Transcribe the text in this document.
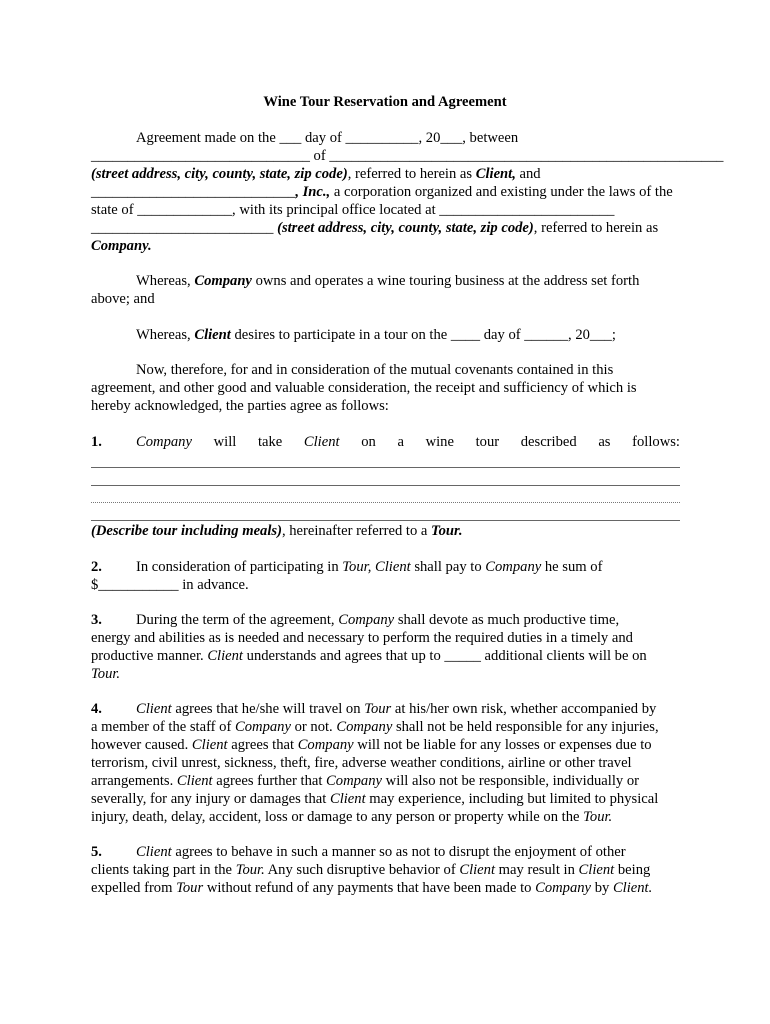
Wine Tour Reservation and Agreement
Agreement made on the ___ day of __________, 20___, between
______________________________ of ______________________________________________________
(street address, city, county, state, zip code), referred to herein as Client, and
____________________________, Inc., a corporation organized and existing under the laws of the
state of _____________, with its principal office located at ________________________
_________________________ (street address, city, county, state, zip code), referred to herein as
Company.
Whereas, Company owns and operates a wine touring business at the address set forth
above; and
Whereas, Client desires to participate in a tour on the ____ day of ______, 20___;
Now, therefore, for and in consideration of the mutual covenants contained in this
agreement, and other good and valuable consideration, the receipt and sufficiency of which is
hereby acknowledged, the parties agree as follows:
1. Company will take Client on a wine tour described as follows:
(Describe tour including meals), hereinafter referred to a Tour.
2. In consideration of participating in Tour, Client shall pay to Company he sum of
$___________ in advance.
3. During the term of the agreement, Company shall devote as much productive time,
energy and abilities as is needed and necessary to perform the required duties in a timely and
productive manner. Client understands and agrees that up to _____ additional clients will be on
Tour.
4. Client agrees that he/she will travel on Tour at his/her own risk, whether accompanied by
a member of the staff of Company or not. Company shall not be held responsible for any injuries,
however caused. Client agrees that Company will not be liable for any losses or expenses due to
terrorism, civil unrest, sickness, theft, fire, adverse weather conditions, airline or other travel
arrangements. Client agrees further that Company will also not be responsible, individually or
severally, for any injury or damages that Client may experience, including but limited to physical
injury, death, delay, accident, loss or damage to any person or property while on the Tour.
5. Client agrees to behave in such a manner so as not to disrupt the enjoyment of other
clients taking part in the Tour. Any such disruptive behavior of Client may result in Client being
expelled from Tour without refund of any payments that have been made to Company by Client.
